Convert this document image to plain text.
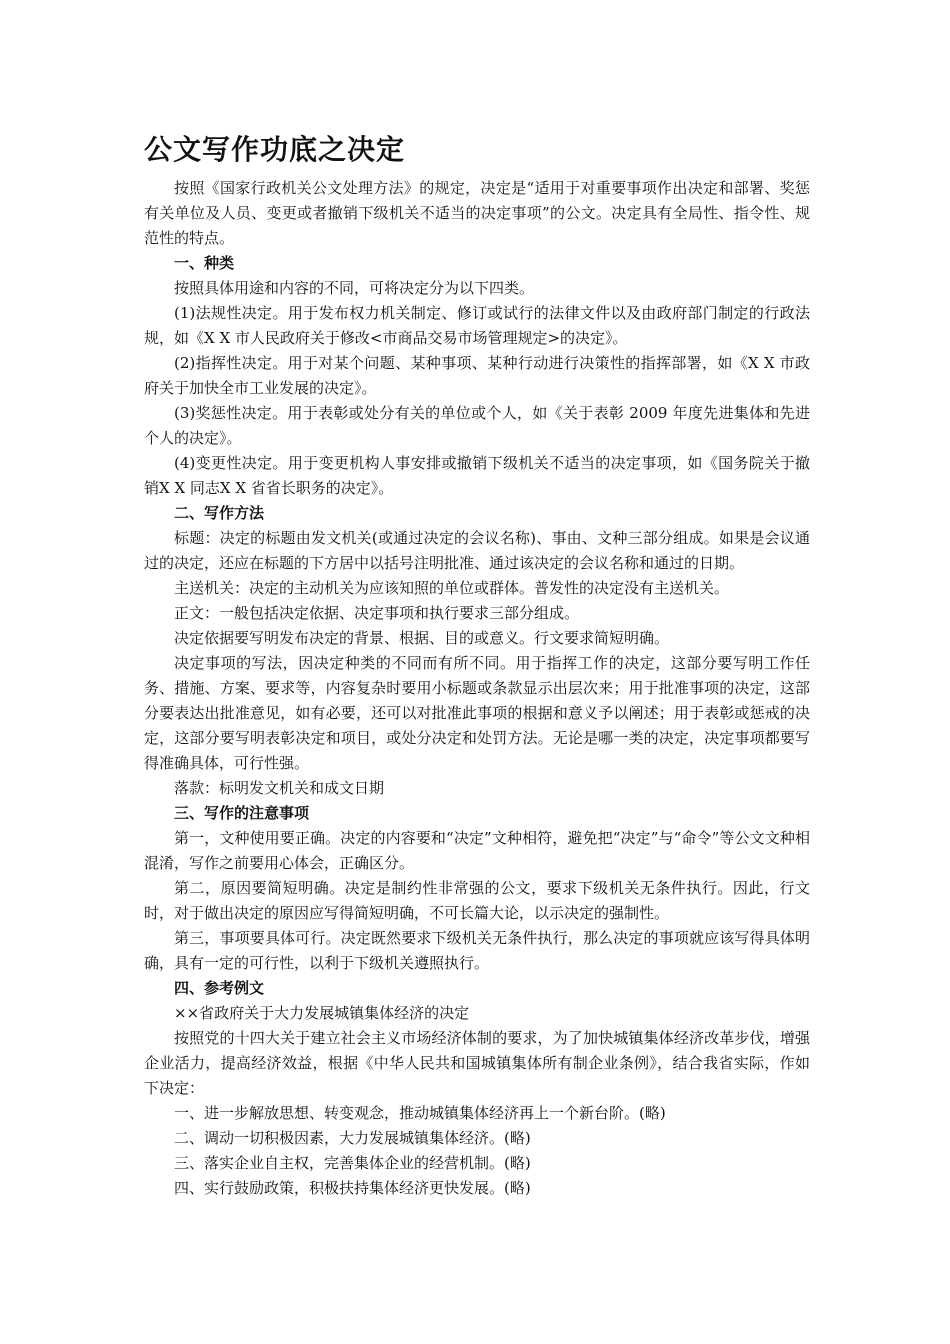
公文写作功底之决定

按照《国家行政机关公文处理方法》的规定，决定是“适用于对重要事项作出决定和部署、奖惩有关单位及人员、变更或者撤销下级机关不适当的决定事项”的公文。决定具有全局性、指令性、规范性的特点。

一、种类

按照具体用途和内容的不同，可将决定分为以下四类。

(1)法规性决定。用于发布权力机关制定、修订或试行的法律文件以及由政府部门制定的行政法规，如《X X 市人民政府关于修改<市商品交易市场管理规定>的决定》。

(2)指挥性决定。用于对某个问题、某种事项、某种行动进行决策性的指挥部署，如《X X 市政府关于加快全市工业发展的决定》。

(3)奖惩性决定。用于表彰或处分有关的单位或个人，如《关于表彰 2009 年度先进集体和先进个人的决定》。

(4)变更性决定。用于变更机构人事安排或撤销下级机关不适当的决定事项，如《国务院关于撤销X X 同志X X 省省长职务的决定》。

二、写作方法

标题：决定的标题由发文机关(或通过决定的会议名称)、事由、文种三部分组成。如果是会议通过的决定，还应在标题的下方居中以括号注明批准、通过该决定的会议名称和通过的日期。

主送机关：决定的主动机关为应该知照的单位或群体。普发性的决定没有主送机关。

正文：一般包括决定依据、决定事项和执行要求三部分组成。

决定依据要写明发布决定的背景、根据、目的或意义。行文要求简短明确。

决定事项的写法，因决定种类的不同而有所不同。用于指挥工作的决定，这部分要写明工作任务、措施、方案、要求等，内容复杂时要用小标题或条款显示出层次来；用于批准事项的决定，这部分要表达出批准意见，如有必要，还可以对批准此事项的根据和意义予以阐述；用于表彰或惩戒的决定，这部分要写明表彰决定和项目，或处分决定和处罚方法。无论是哪一类的决定，决定事项都要写得准确具体，可行性强。

落款：标明发文机关和成文日期

三、写作的注意事项

第一，文种使用要正确。决定的内容要和“决定”文种相符，避免把“决定”与“命令”等公文文种相混淆，写作之前要用心体会，正确区分。

第二，原因要简短明确。决定是制约性非常强的公文，要求下级机关无条件执行。因此，行文时，对于做出决定的原因应写得简短明确，不可长篇大论，以示决定的强制性。

第三，事项要具体可行。决定既然要求下级机关无条件执行，那么决定的事项就应该写得具体明确，具有一定的可行性，以利于下级机关遵照执行。

四、参考例文

××省政府关于大力发展城镇集体经济的决定

按照党的十四大关于建立社会主义市场经济体制的要求，为了加快城镇集体经济改革步伐，增强企业活力，提高经济效益，根据《中华人民共和国城镇集体所有制企业条例》，结合我省实际，作如下决定：

一、进一步解放思想、转变观念，推动城镇集体经济再上一个新台阶。(略)

二、调动一切积极因素，大力发展城镇集体经济。(略)

三、落实企业自主权，完善集体企业的经营机制。(略)

四、实行鼓励政策，积极扶持集体经济更快发展。(略)
